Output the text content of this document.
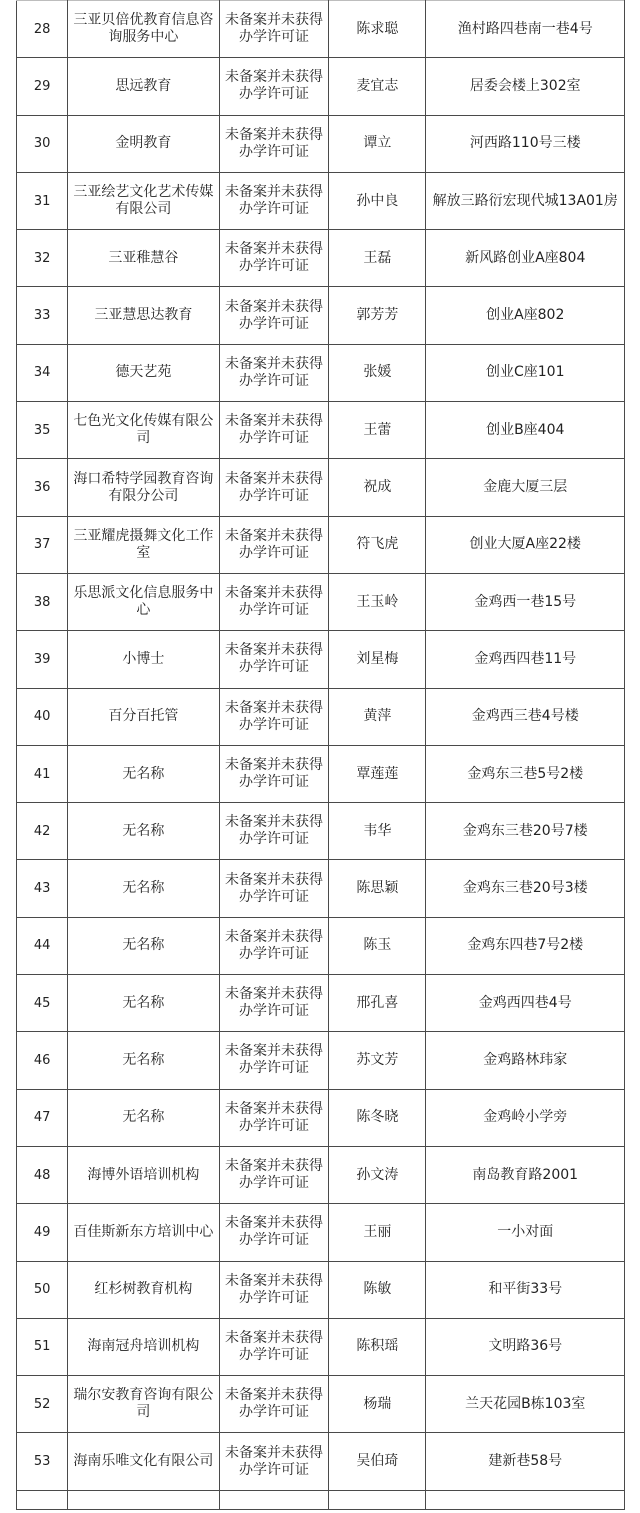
28	三亚贝倍优教育信息咨询服务中心	未备案并未获得办学许可证	陈求聪	渔村路四巷南一巷4号
29	思远教育	未备案并未获得办学许可证	麦宜志	居委会楼上302室
30	金明教育	未备案并未获得办学许可证	谭立	河西路110号三楼
31	三亚绘艺文化艺术传媒有限公司	未备案并未获得办学许可证	孙中良	解放三路衍宏现代城13A01房
32	三亚稚慧谷	未备案并未获得办学许可证	王磊	新风路创业A座804
33	三亚慧思达教育	未备案并未获得办学许可证	郭芳芳	创业A座802
34	德天艺苑	未备案并未获得办学许可证	张媛	创业C座101
35	七色光文化传媒有限公司	未备案并未获得办学许可证	王蕾	创业B座404
36	海口希特学园教育咨询有限分公司	未备案并未获得办学许可证	祝成	金鹿大厦三层
37	三亚耀虎摄舞文化工作室	未备案并未获得办学许可证	符飞虎	创业大厦A座22楼
38	乐思派文化信息服务中心	未备案并未获得办学许可证	王玉岭	金鸡西一巷15号
39	小博士	未备案并未获得办学许可证	刘星梅	金鸡西四巷11号
40	百分百托管	未备案并未获得办学许可证	黄萍	金鸡西三巷4号楼
41	无名称	未备案并未获得办学许可证	覃莲莲	金鸡东三巷5号2楼
42	无名称	未备案并未获得办学许可证	韦华	金鸡东三巷20号7楼
43	无名称	未备案并未获得办学许可证	陈思颖	金鸡东三巷20号3楼
44	无名称	未备案并未获得办学许可证	陈玉	金鸡东四巷7号2楼
45	无名称	未备案并未获得办学许可证	邢孔喜	金鸡西四巷4号
46	无名称	未备案并未获得办学许可证	苏文芳	金鸡路林玮家
47	无名称	未备案并未获得办学许可证	陈冬晓	金鸡岭小学旁
48	海博外语培训机构	未备案并未获得办学许可证	孙文涛	南岛教育路2001
49	百佳斯新东方培训中心	未备案并未获得办学许可证	王丽	一小对面
50	红杉树教育机构	未备案并未获得办学许可证	陈敏	和平街33号
51	海南冠舟培训机构	未备案并未获得办学许可证	陈积瑶	文明路36号
52	瑞尔安教育咨询有限公司	未备案并未获得办学许可证	杨瑞	兰天花园B栋103室
53	海南乐唯文化有限公司	未备案并未获得办学许可证	吴伯琦	建新巷58号
